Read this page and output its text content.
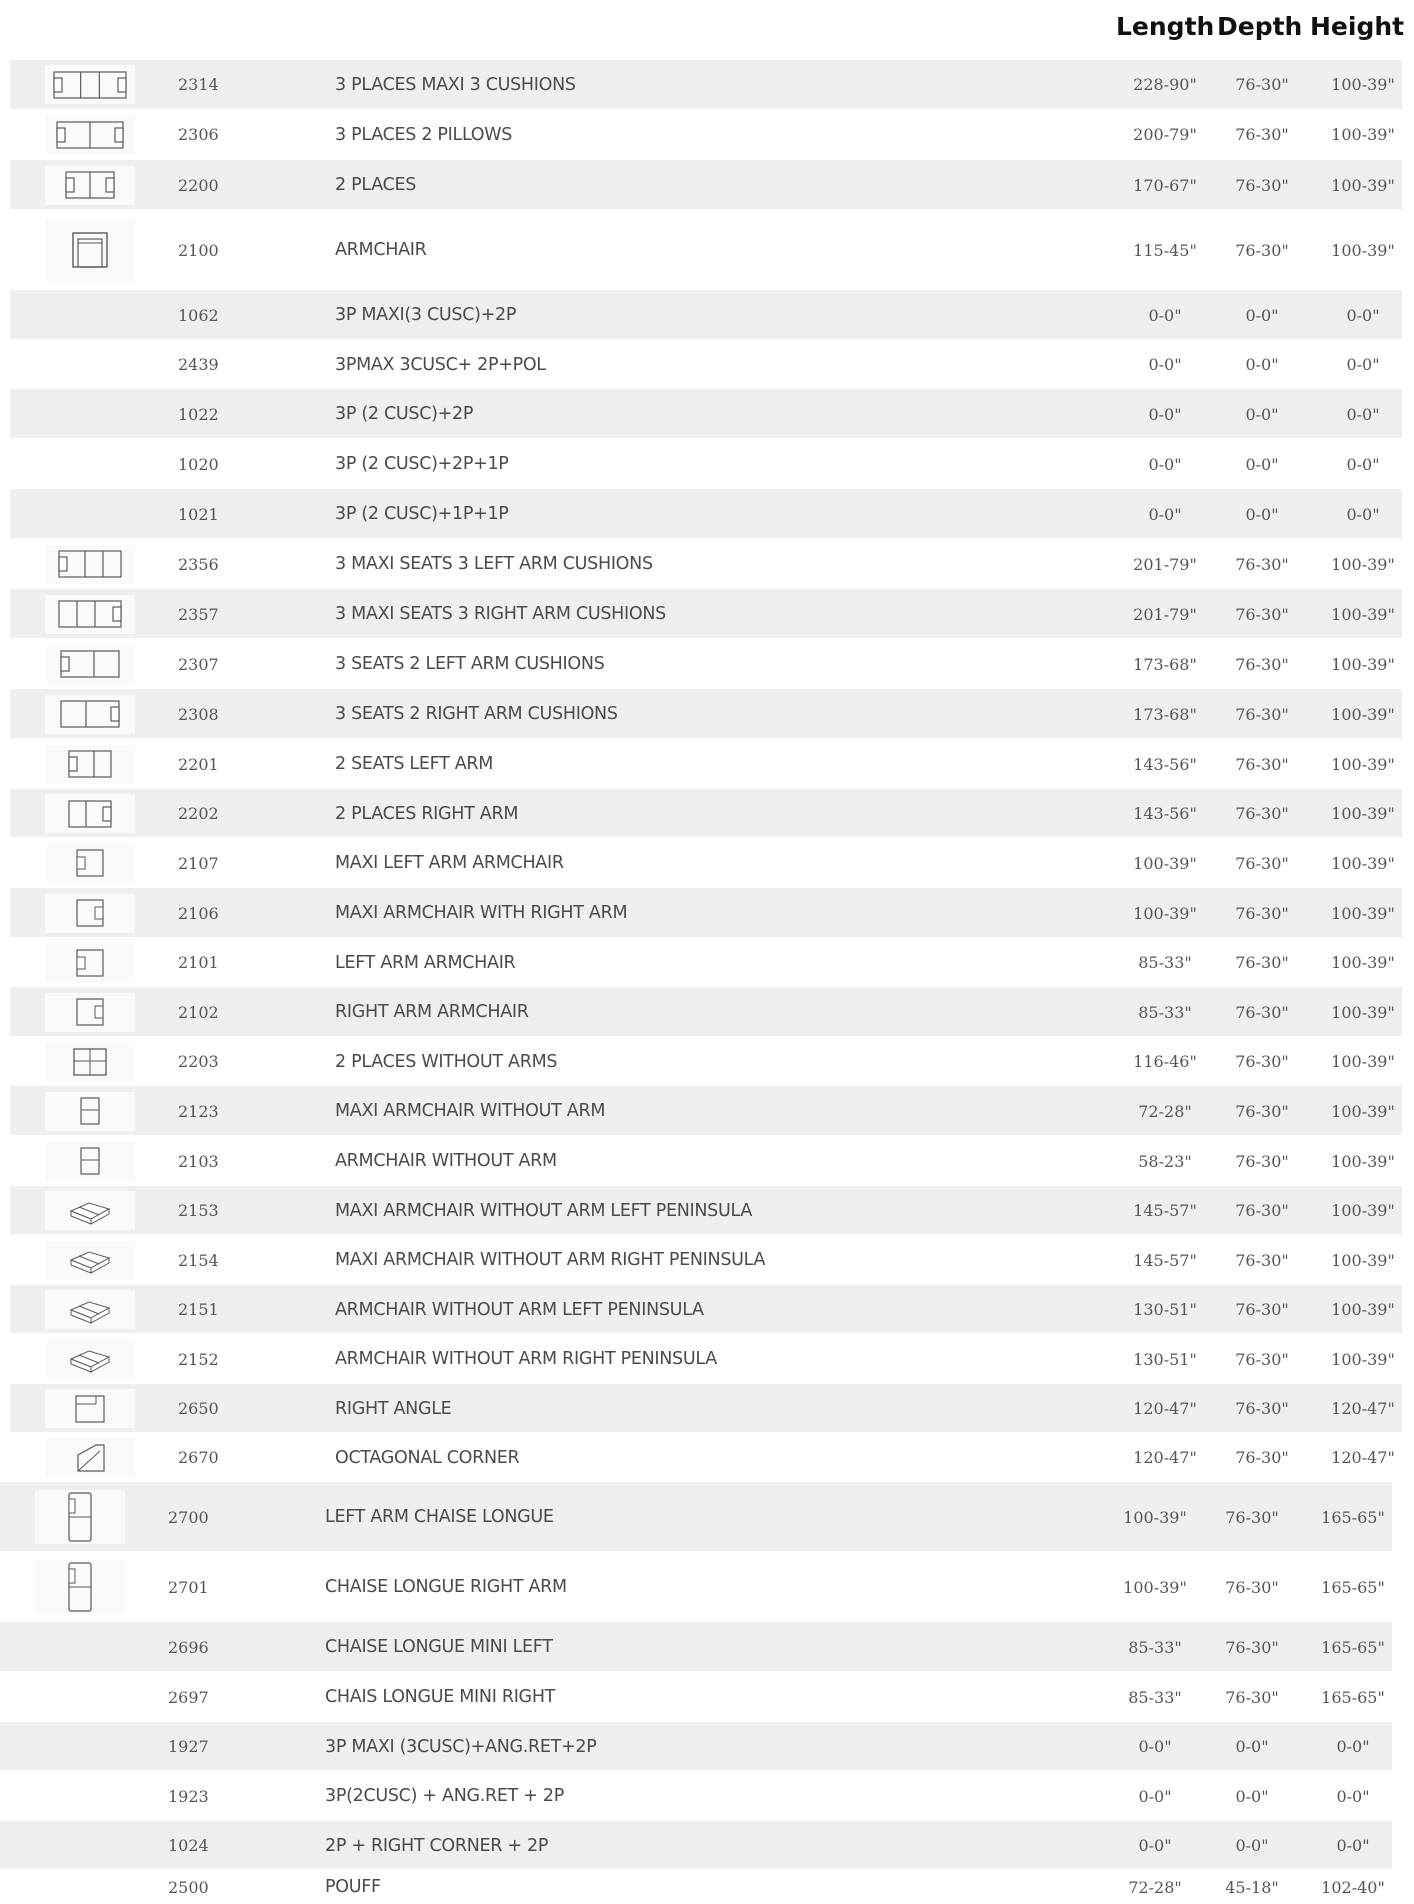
Length Depth Height
2314	3 PLACES MAXI 3 CUSHIONS	228-90"	76-30"	100-39"
2306	3 PLACES 2 PILLOWS	200-79"	76-30"	100-39"
2200	2 PLACES	170-67"	76-30"	100-39"
2100	ARMCHAIR	115-45"	76-30"	100-39"
1062	3P MAXI(3 CUSC)+2P	0-0"	0-0"	0-0"
2439	3PMAX 3CUSC+ 2P+POL	0-0"	0-0"	0-0"
1022	3P (2 CUSC)+2P	0-0"	0-0"	0-0"
1020	3P (2 CUSC)+2P+1P	0-0"	0-0"	0-0"
1021	3P (2 CUSC)+1P+1P	0-0"	0-0"	0-0"
2356	3 MAXI SEATS 3 LEFT ARM CUSHIONS	201-79"	76-30"	100-39"
2357	3 MAXI SEATS 3 RIGHT ARM CUSHIONS	201-79"	76-30"	100-39"
2307	3 SEATS 2 LEFT ARM CUSHIONS	173-68"	76-30"	100-39"
2308	3 SEATS 2 RIGHT ARM CUSHIONS	173-68"	76-30"	100-39"
2201	2 SEATS LEFT ARM	143-56"	76-30"	100-39"
2202	2 PLACES RIGHT ARM	143-56"	76-30"	100-39"
2107	MAXI LEFT ARM ARMCHAIR	100-39"	76-30"	100-39"
2106	MAXI ARMCHAIR WITH RIGHT ARM	100-39"	76-30"	100-39"
2101	LEFT ARM ARMCHAIR	85-33"	76-30"	100-39"
2102	RIGHT ARM ARMCHAIR	85-33"	76-30"	100-39"
2203	2 PLACES WITHOUT ARMS	116-46"	76-30"	100-39"
2123	MAXI ARMCHAIR WITHOUT ARM	72-28"	76-30"	100-39"
2103	ARMCHAIR WITHOUT ARM	58-23"	76-30"	100-39"
2153	MAXI ARMCHAIR WITHOUT ARM LEFT PENINSULA	145-57"	76-30"	100-39"
2154	MAXI ARMCHAIR WITHOUT ARM RIGHT PENINSULA	145-57"	76-30"	100-39"
2151	ARMCHAIR WITHOUT ARM LEFT PENINSULA	130-51"	76-30"	100-39"
2152	ARMCHAIR WITHOUT ARM RIGHT PENINSULA	130-51"	76-30"	100-39"
2650	RIGHT ANGLE	120-47"	76-30"	120-47"
2670	OCTAGONAL CORNER	120-47"	76-30"	120-47"
2700	LEFT ARM CHAISE LONGUE	100-39"	76-30"	165-65"
2701	CHAISE LONGUE RIGHT ARM	100-39"	76-30"	165-65"
2696	CHAISE LONGUE MINI LEFT	85-33"	76-30"	165-65"
2697	CHAIS LONGUE MINI RIGHT	85-33"	76-30"	165-65"
1927	3P MAXI (3CUSC)+ANG.RET+2P	0-0"	0-0"	0-0"
1923	3P(2CUSC) + ANG.RET + 2P	0-0"	0-0"	0-0"
1024	2P + RIGHT CORNER + 2P	0-0"	0-0"	0-0"
2500	POUFF	72-28"	45-18"	102-40"
